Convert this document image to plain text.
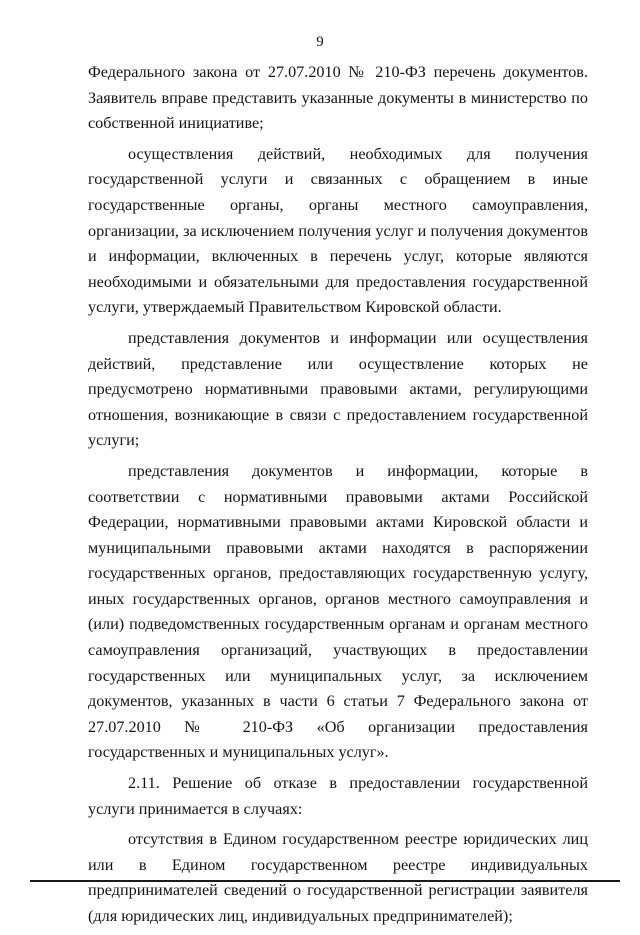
9

Федерального закона от 27.07.2010 № 210-ФЗ перечень документов. Заявитель вправе представить указанные документы в министерство по собственной инициативе;

осуществления действий, необходимых для получения государственной услуги и связанных с обращением в иные государственные органы, органы местного самоуправления, организации, за исключением получения услуг и получения документов и информации, включенных в перечень услуг, которые являются необходимыми и обязательными для предоставления государственной услуги, утверждаемый Правительством Кировской области.

представления документов и информации или осуществления действий, представление или осуществление которых не предусмотрено нормативными правовыми актами, регулирующими отношения, возникающие в связи с предоставлением государственной услуги;

представления документов и информации, которые в соответствии с нормативными правовыми актами Российской Федерации, нормативными правовыми актами Кировской области и муниципальными правовыми актами находятся в распоряжении государственных органов, предоставляющих государственную услугу, иных государственных органов, органов местного самоуправления и (или) подведомственных государственным органам и органам местного самоуправления организаций, участвующих в предоставлении государственных или муниципальных услуг, за исключением документов, указанных в части 6 статьи 7 Федерального закона от 27.07.2010 № 210-ФЗ «Об организации предоставления государственных и муниципальных услуг».

2.11. Решение об отказе в предоставлении государственной услуги принимается в случаях:

отсутствия в Едином государственном реестре юридических лиц или в Едином государственном реестре индивидуальных предпринимателей сведений о государственной регистрации заявителя (для юридических лиц, индивидуальных предпринимателей);
